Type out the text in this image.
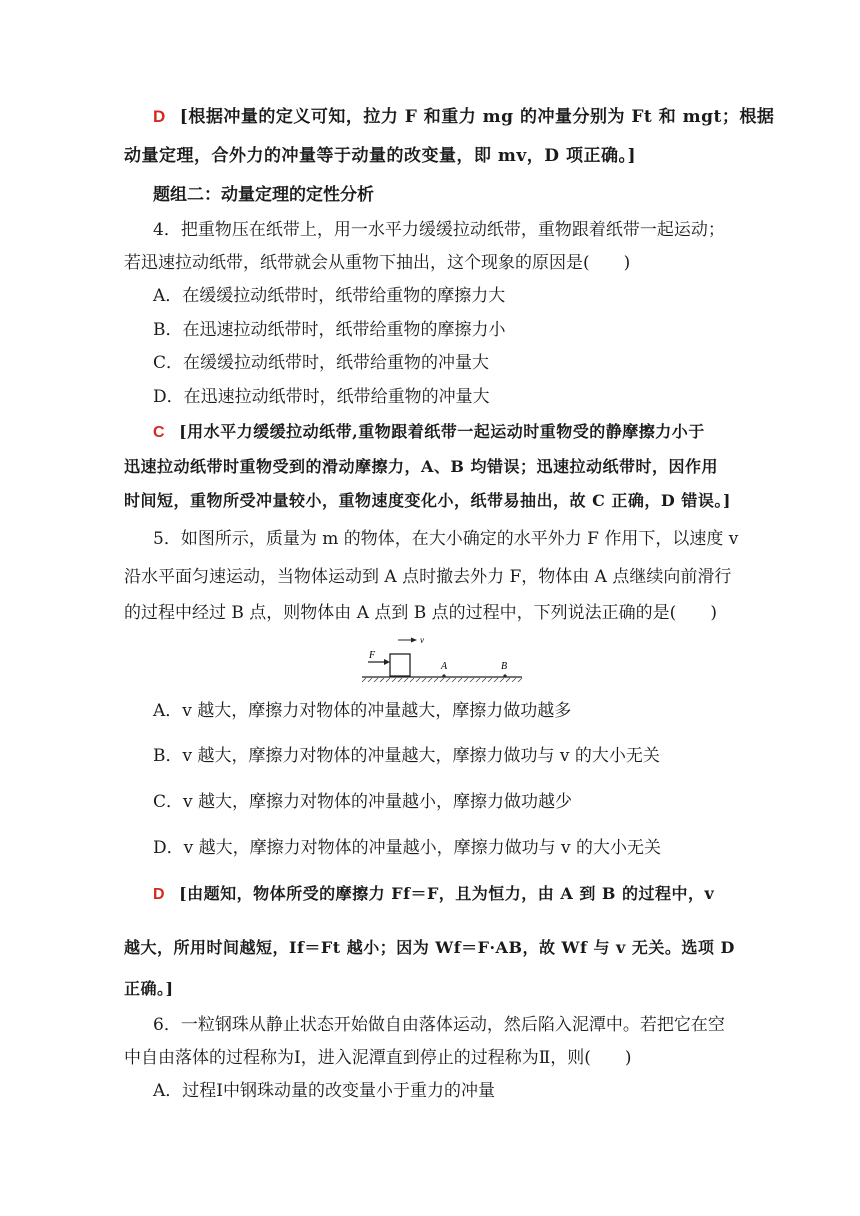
D [根据冲量的定义可知，拉力 F 和重力 mg 的冲量分别为 Ft 和 mgt；根据
动量定理，合外力的冲量等于动量的改变量，即 mv，D 项正确。]
题组二：动量定理的定性分析
4．把重物压在纸带上，用一水平力缓缓拉动纸带，重物跟着纸带一起运动；
若迅速拉动纸带，纸带就会从重物下抽出，这个现象的原因是(　　)
A．在缓缓拉动纸带时，纸带给重物的摩擦力大
B．在迅速拉动纸带时，纸带给重物的摩擦力小
C．在缓缓拉动纸带时，纸带给重物的冲量大
D．在迅速拉动纸带时，纸带给重物的冲量大
C [用水平力缓缓拉动纸带,重物跟着纸带一起运动时重物受的静摩擦力小于
迅速拉动纸带时重物受到的滑动摩擦力，A、B 均错误；迅速拉动纸带时，因作用
时间短，重物所受冲量较小，重物速度变化小，纸带易抽出，故 C 正确，D 错误。]
5．如图所示，质量为 m 的物体，在大小确定的水平外力 F 作用下，以速度 v
沿水平面匀速运动，当物体运动到 A 点时撤去外力 F，物体由 A 点继续向前滑行
的过程中经过 B 点，则物体由 A 点到 B 点的过程中，下列说法正确的是(　　)
F
v
A	B
A．v 越大，摩擦力对物体的冲量越大，摩擦力做功越多
B．v 越大，摩擦力对物体的冲量越大，摩擦力做功与 v 的大小无关
C．v 越大，摩擦力对物体的冲量越小，摩擦力做功越少
D．v 越大，摩擦力对物体的冲量越小，摩擦力做功与 v 的大小无关
D [由题知，物体所受的摩擦力 Ff＝F，且为恒力，由 A 到 B 的过程中，v
越大，所用时间越短，If＝Ft 越小；因为 Wf＝F·AB，故 Wf 与 v 无关。选项 D
正确。]
6．一粒钢珠从静止状态开始做自由落体运动，然后陷入泥潭中。若把它在空
中自由落体的过程称为Ⅰ，进入泥潭直到停止的过程称为Ⅱ，则(　　)
A．过程Ⅰ中钢珠动量的改变量小于重力的冲量
